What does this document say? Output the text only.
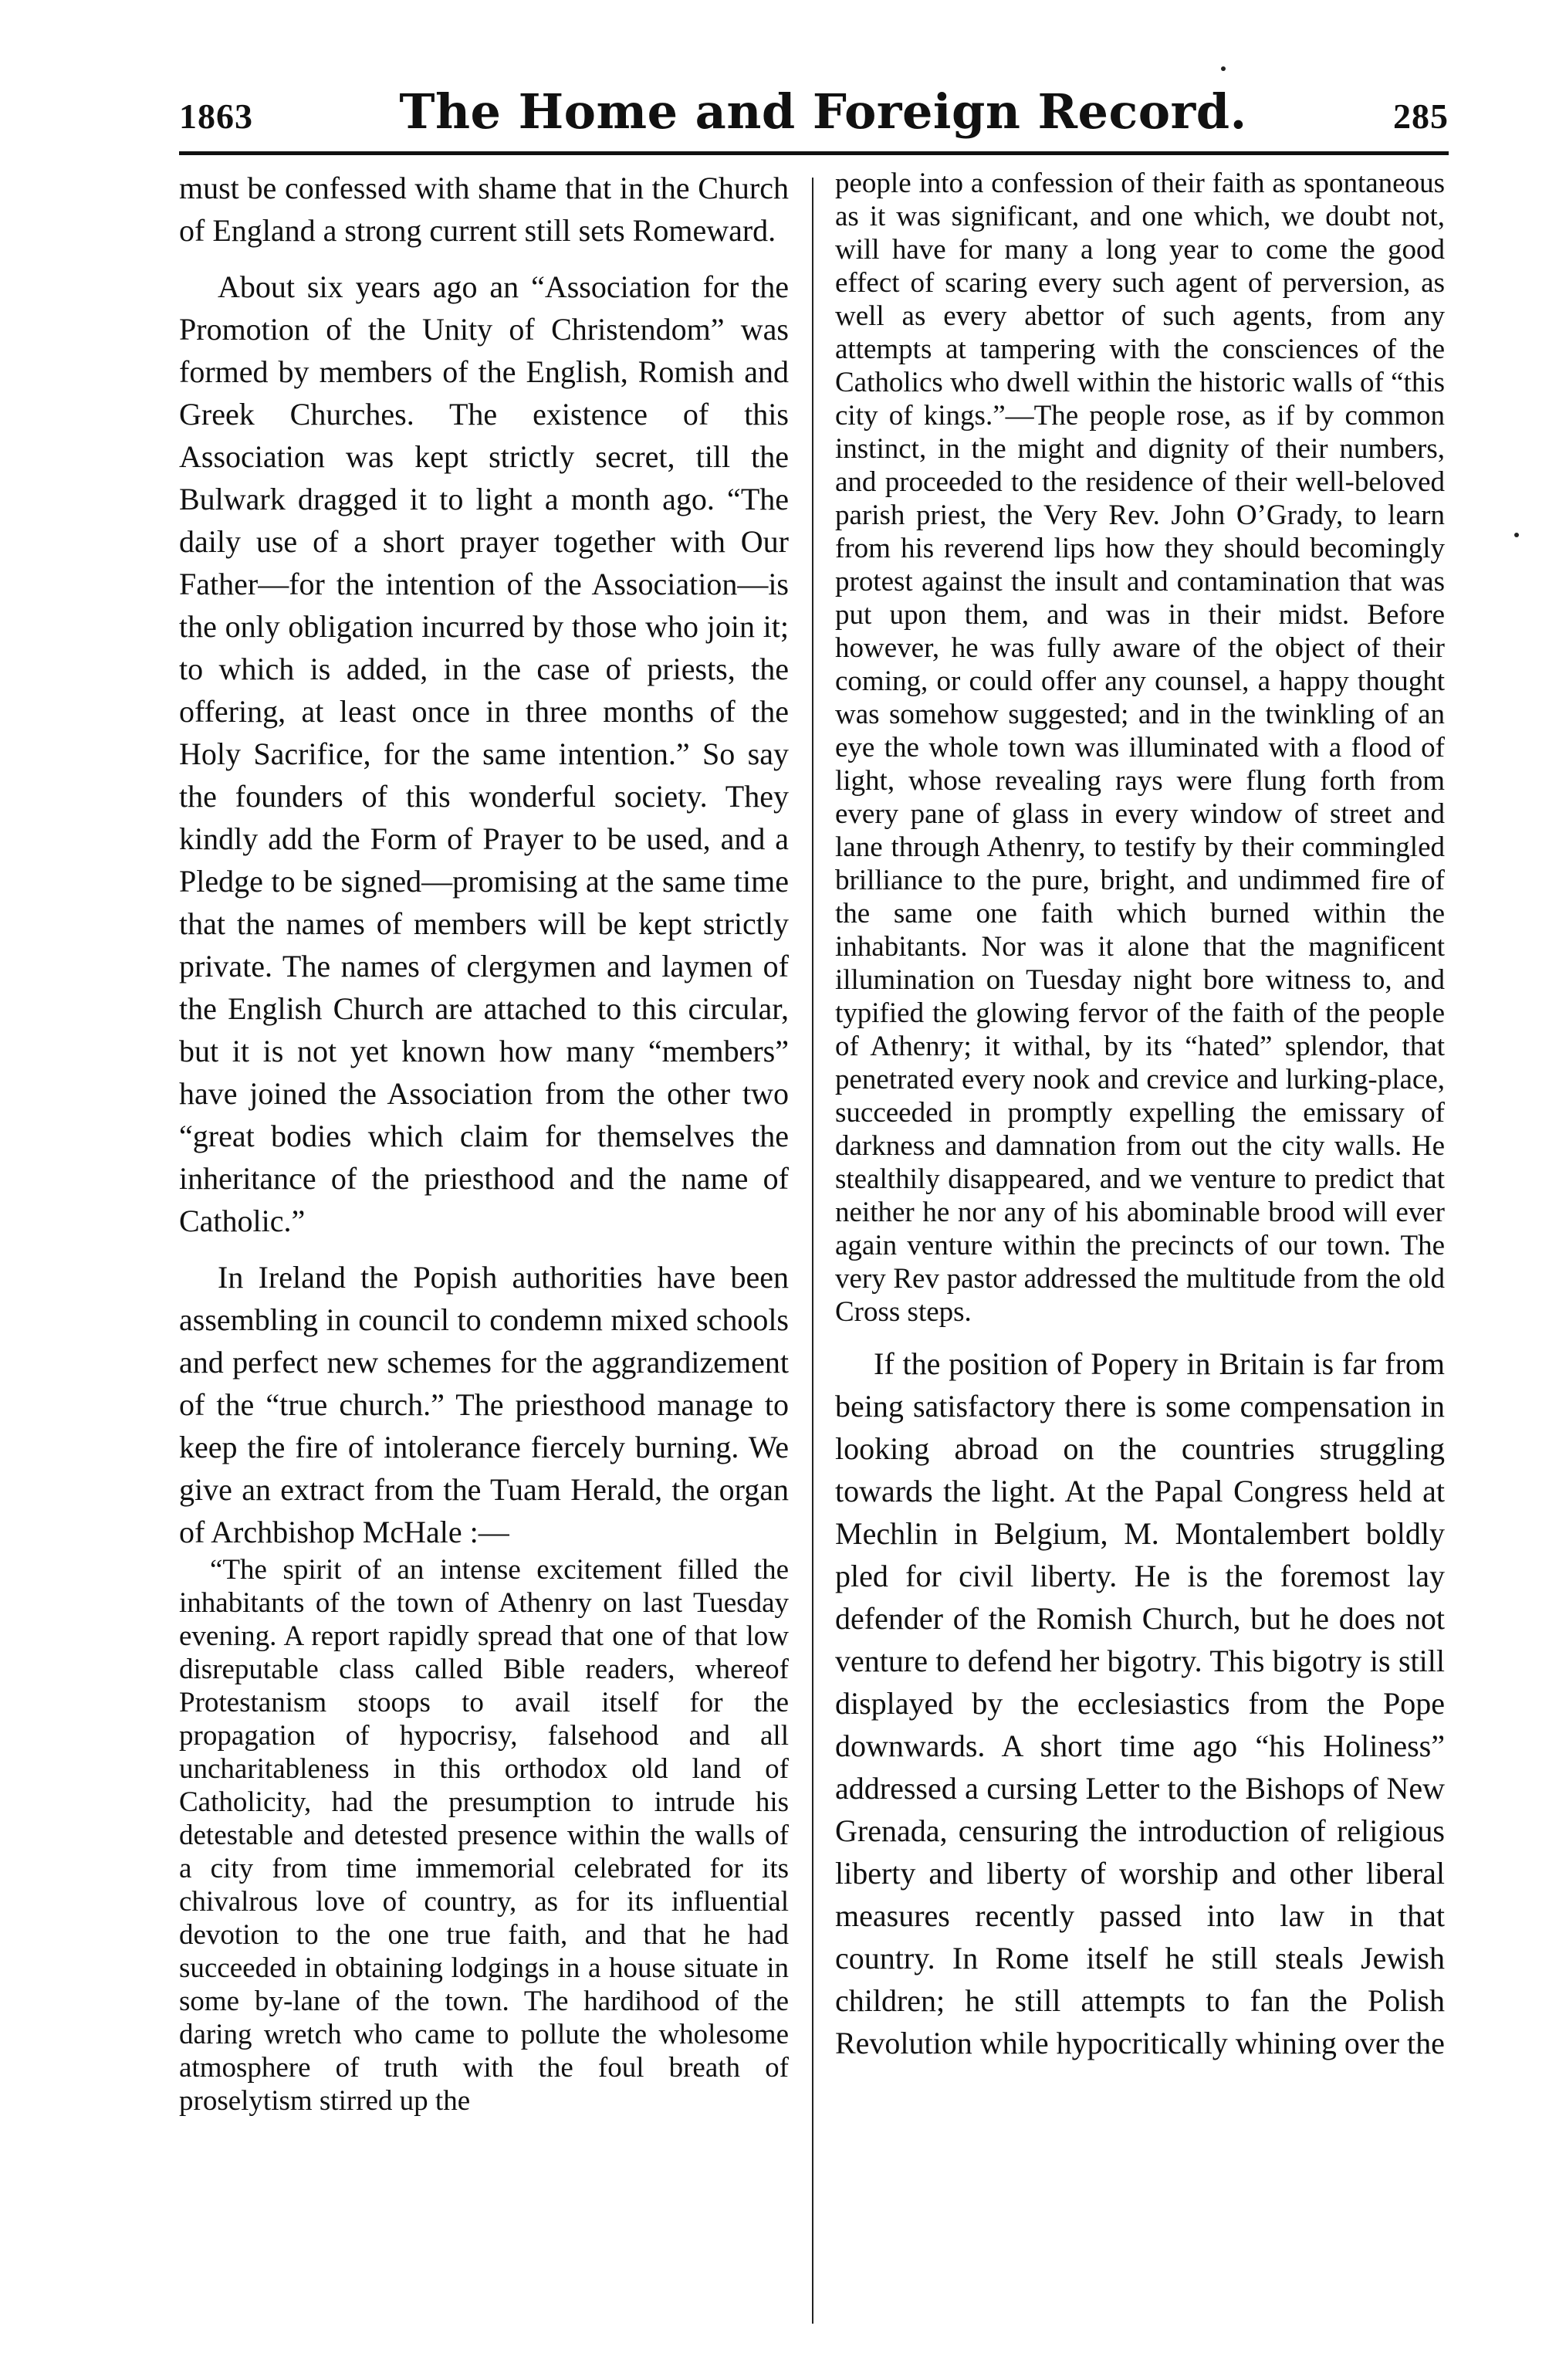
1863	The Home and Foreign Record.	285

must be confessed with shame that in the Church of England a strong current still sets Romeward.

About six years ago an “Association for the Promotion of the Unity of Christendom” was formed by members of the English, Romish and Greek Churches. The existence of this Association was kept strictly secret, till the Bulwark dragged it to light a month ago. “The daily use of a short prayer together with Our Father—for the intention of the Association—is the only obligation incurred by those who join it; to which is added, in the case of priests, the offering, at least once in three months of the Holy Sacrifice, for the same intention.” So say the founders of this wonderful society. They kindly add the Form of Prayer to be used, and a Pledge to be signed—promising at the same time that the names of members will be kept strictly private. The names of clergymen and laymen of the English Church are attached to this circular, but it is not yet known how many “members” have joined the Association from the other two “great bodies which claim for themselves the inheritance of the priesthood and the name of Catholic.”

In Ireland the Popish authorities have been assembling in council to condemn mixed schools and perfect new schemes for the aggrandizement of the “true church.” The priesthood manage to keep the fire of intolerance fiercely burning. We give an extract from the Tuam Herald, the organ of Archbishop McHale :—

“The spirit of an intense excitement filled the inhabitants of the town of Athenry on last Tuesday evening. A report rapidly spread that one of that low disreputable class called Bible readers, whereof Protestanism stoops to avail itself for the propagation of hypocrisy, falsehood and all uncharitableness in this orthodox old land of Catholicity, had the presumption to intrude his detestable and detested presence within the walls of a city from time immemorial celebrated for its chivalrous love of country, as for its influential devotion to the one true faith, and that he had succeeded in obtaining lodgings in a house situate in some by-lane of the town. The hardihood of the daring wretch who came to pollute the wholesome atmosphere of truth with the foul breath of proselytism stirred up the

people into a confession of their faith as spontaneous as it was significant, and one which, we doubt not, will have for many a long year to come the good effect of scaring every such agent of perversion, as well as every abettor of such agents, from any attempts at tampering with the consciences of the Catholics who dwell within the historic walls of “this city of kings.”—The people rose, as if by common instinct, in the might and dignity of their numbers, and proceeded to the residence of their well-beloved parish priest, the Very Rev. John O’Grady, to learn from his reverend lips how they should becomingly protest against the insult and contamination that was put upon them, and was in their midst. Before however, he was fully aware of the object of their coming, or could offer any counsel, a happy thought was somehow suggested; and in the twinkling of an eye the whole town was illuminated with a flood of light, whose revealing rays were flung forth from every pane of glass in every window of street and lane through Athenry, to testify by their commingled brilliance to the pure, bright, and undimmed fire of the same one faith which burned within the inhabitants. Nor was it alone that the magnificent illumination on Tuesday night bore witness to, and typified the glowing fervor of the faith of the people of Athenry; it withal, by its “hated” splendor, that penetrated every nook and crevice and lurking-place, succeeded in promptly expelling the emissary of darkness and damnation from out the city walls. He stealthily disappeared, and we venture to predict that neither he nor any of his abominable brood will ever again venture within the precincts of our town. The very Rev pastor addressed the multitude from the old Cross steps.

If the position of Popery in Britain is far from being satisfactory there is some compensation in looking abroad on the countries struggling towards the light. At the Papal Congress held at Mechlin in Belgium, M. Montalembert boldly pled for civil liberty. He is the foremost lay defender of the Romish Church, but he does not venture to defend her bigotry. This bigotry is still displayed by the ecclesiastics from the Pope downwards. A short time ago “his Holiness” addressed a cursing Letter to the Bishops of New Grenada, censuring the introduction of religious liberty and liberty of worship and other liberal measures recently passed into law in that country. In Rome itself he still steals Jewish children; he still attempts to fan the Polish Revolution while hypocritically whining over the
